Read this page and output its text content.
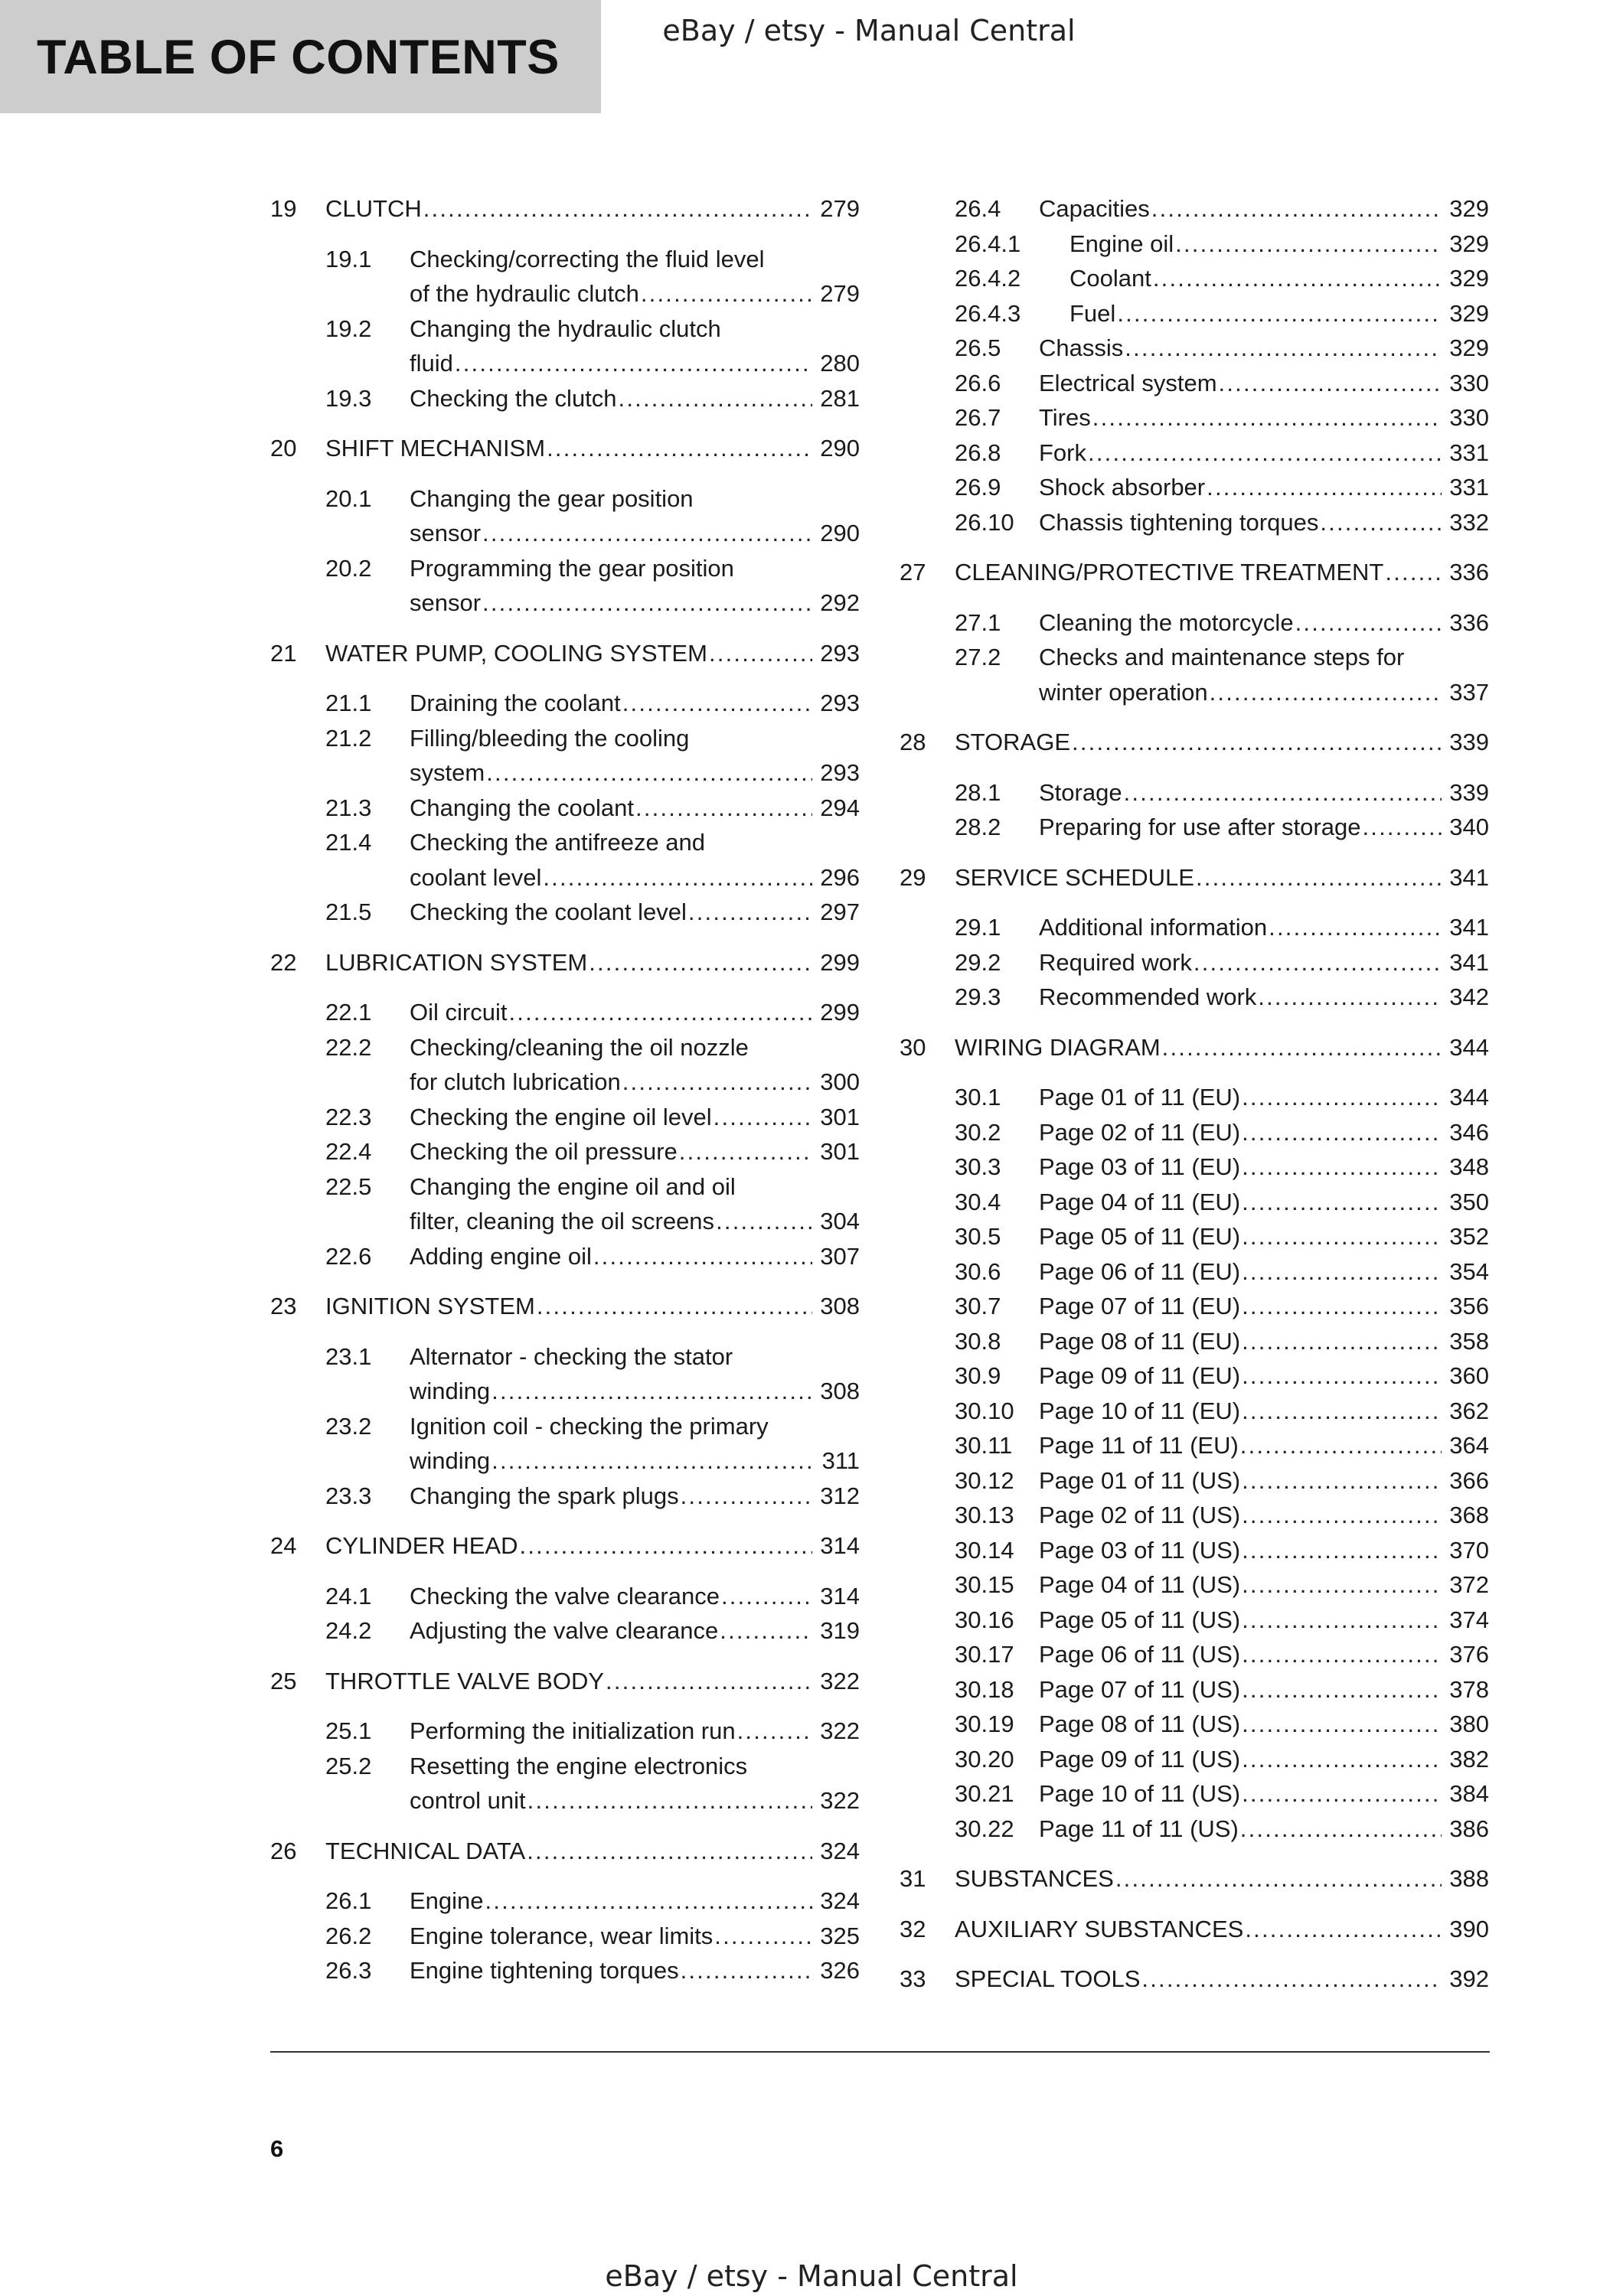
TABLE OF CONTENTS	eBay / etsy - Manual Central
19	CLUTCH .....	279
19.1	Checking/correcting the fluid level
of the hydraulic clutch .....	279
19.2	Changing the hydraulic clutch
fluid .....	280
19.3	Checking the clutch .....	281
20	SHIFT MECHANISM .....	290
20.1	Changing the gear position
sensor .....	290
20.2	Programming the gear position
sensor .....	292
21	WATER PUMP, COOLING SYSTEM .....	293
21.1	Draining the coolant .....	293
21.2	Filling/bleeding the cooling
system .....	293
21.3	Changing the coolant .....	294
21.4	Checking the antifreeze and
coolant level .....	296
21.5	Checking the coolant level .....	297
22	LUBRICATION SYSTEM .....	299
22.1	Oil circuit .....	299
22.2	Checking/cleaning the oil nozzle
for clutch lubrication .....	300
22.3	Checking the engine oil level .....	301
22.4	Checking the oil pressure .....	301
22.5	Changing the engine oil and oil
filter, cleaning the oil screens .....	304
22.6	Adding engine oil .....	307
23	IGNITION SYSTEM .....	308
23.1	Alternator - checking the stator
winding .....	308
23.2	Ignition coil - checking the primary
winding .....	311
23.3	Changing the spark plugs .....	312
24	CYLINDER HEAD .....	314
24.1	Checking the valve clearance .....	314
24.2	Adjusting the valve clearance .....	319
25	THROTTLE VALVE BODY .....	322
25.1	Performing the initialization run .....	322
25.2	Resetting the engine electronics
control unit .....	322
26	TECHNICAL DATA .....	324
26.1	Engine .....	324
26.2	Engine tolerance, wear limits .....	325
26.3	Engine tightening torques .....	326
26.4	Capacities .....	329
26.4.1	Engine oil .....	329
26.4.2	Coolant .....	329
26.4.3	Fuel .....	329
26.5	Chassis .....	329
26.6	Electrical system .....	330
26.7	Tires .....	330
26.8	Fork .....	331
26.9	Shock absorber .....	331
26.10	Chassis tightening torques .....	332
27	CLEANING/PROTECTIVE TREATMENT .....	336
27.1	Cleaning the motorcycle .....	336
27.2	Checks and maintenance steps for
winter operation .....	337
28	STORAGE .....	339
28.1	Storage .....	339
28.2	Preparing for use after storage .....	340
29	SERVICE SCHEDULE .....	341
29.1	Additional information .....	341
29.2	Required work .....	341
29.3	Recommended work .....	342
30	WIRING DIAGRAM .....	344
30.1	Page 01 of 11 (EU) .....	344
30.2	Page 02 of 11 (EU) .....	346
30.3	Page 03 of 11 (EU) .....	348
30.4	Page 04 of 11 (EU) .....	350
30.5	Page 05 of 11 (EU) .....	352
30.6	Page 06 of 11 (EU) .....	354
30.7	Page 07 of 11 (EU) .....	356
30.8	Page 08 of 11 (EU) .....	358
30.9	Page 09 of 11 (EU) .....	360
30.10	Page 10 of 11 (EU) .....	362
30.11	Page 11 of 11 (EU) .....	364
30.12	Page 01 of 11 (US) .....	366
30.13	Page 02 of 11 (US) .....	368
30.14	Page 03 of 11 (US) .....	370
30.15	Page 04 of 11 (US) .....	372
30.16	Page 05 of 11 (US) .....	374
30.17	Page 06 of 11 (US) .....	376
30.18	Page 07 of 11 (US) .....	378
30.19	Page 08 of 11 (US) .....	380
30.20	Page 09 of 11 (US) .....	382
30.21	Page 10 of 11 (US) .....	384
30.22	Page 11 of 11 (US) .....	386
31	SUBSTANCES .....	388
32	AUXILIARY SUBSTANCES .....	390
33	SPECIAL TOOLS .....	392
6
eBay / etsy - Manual Central
